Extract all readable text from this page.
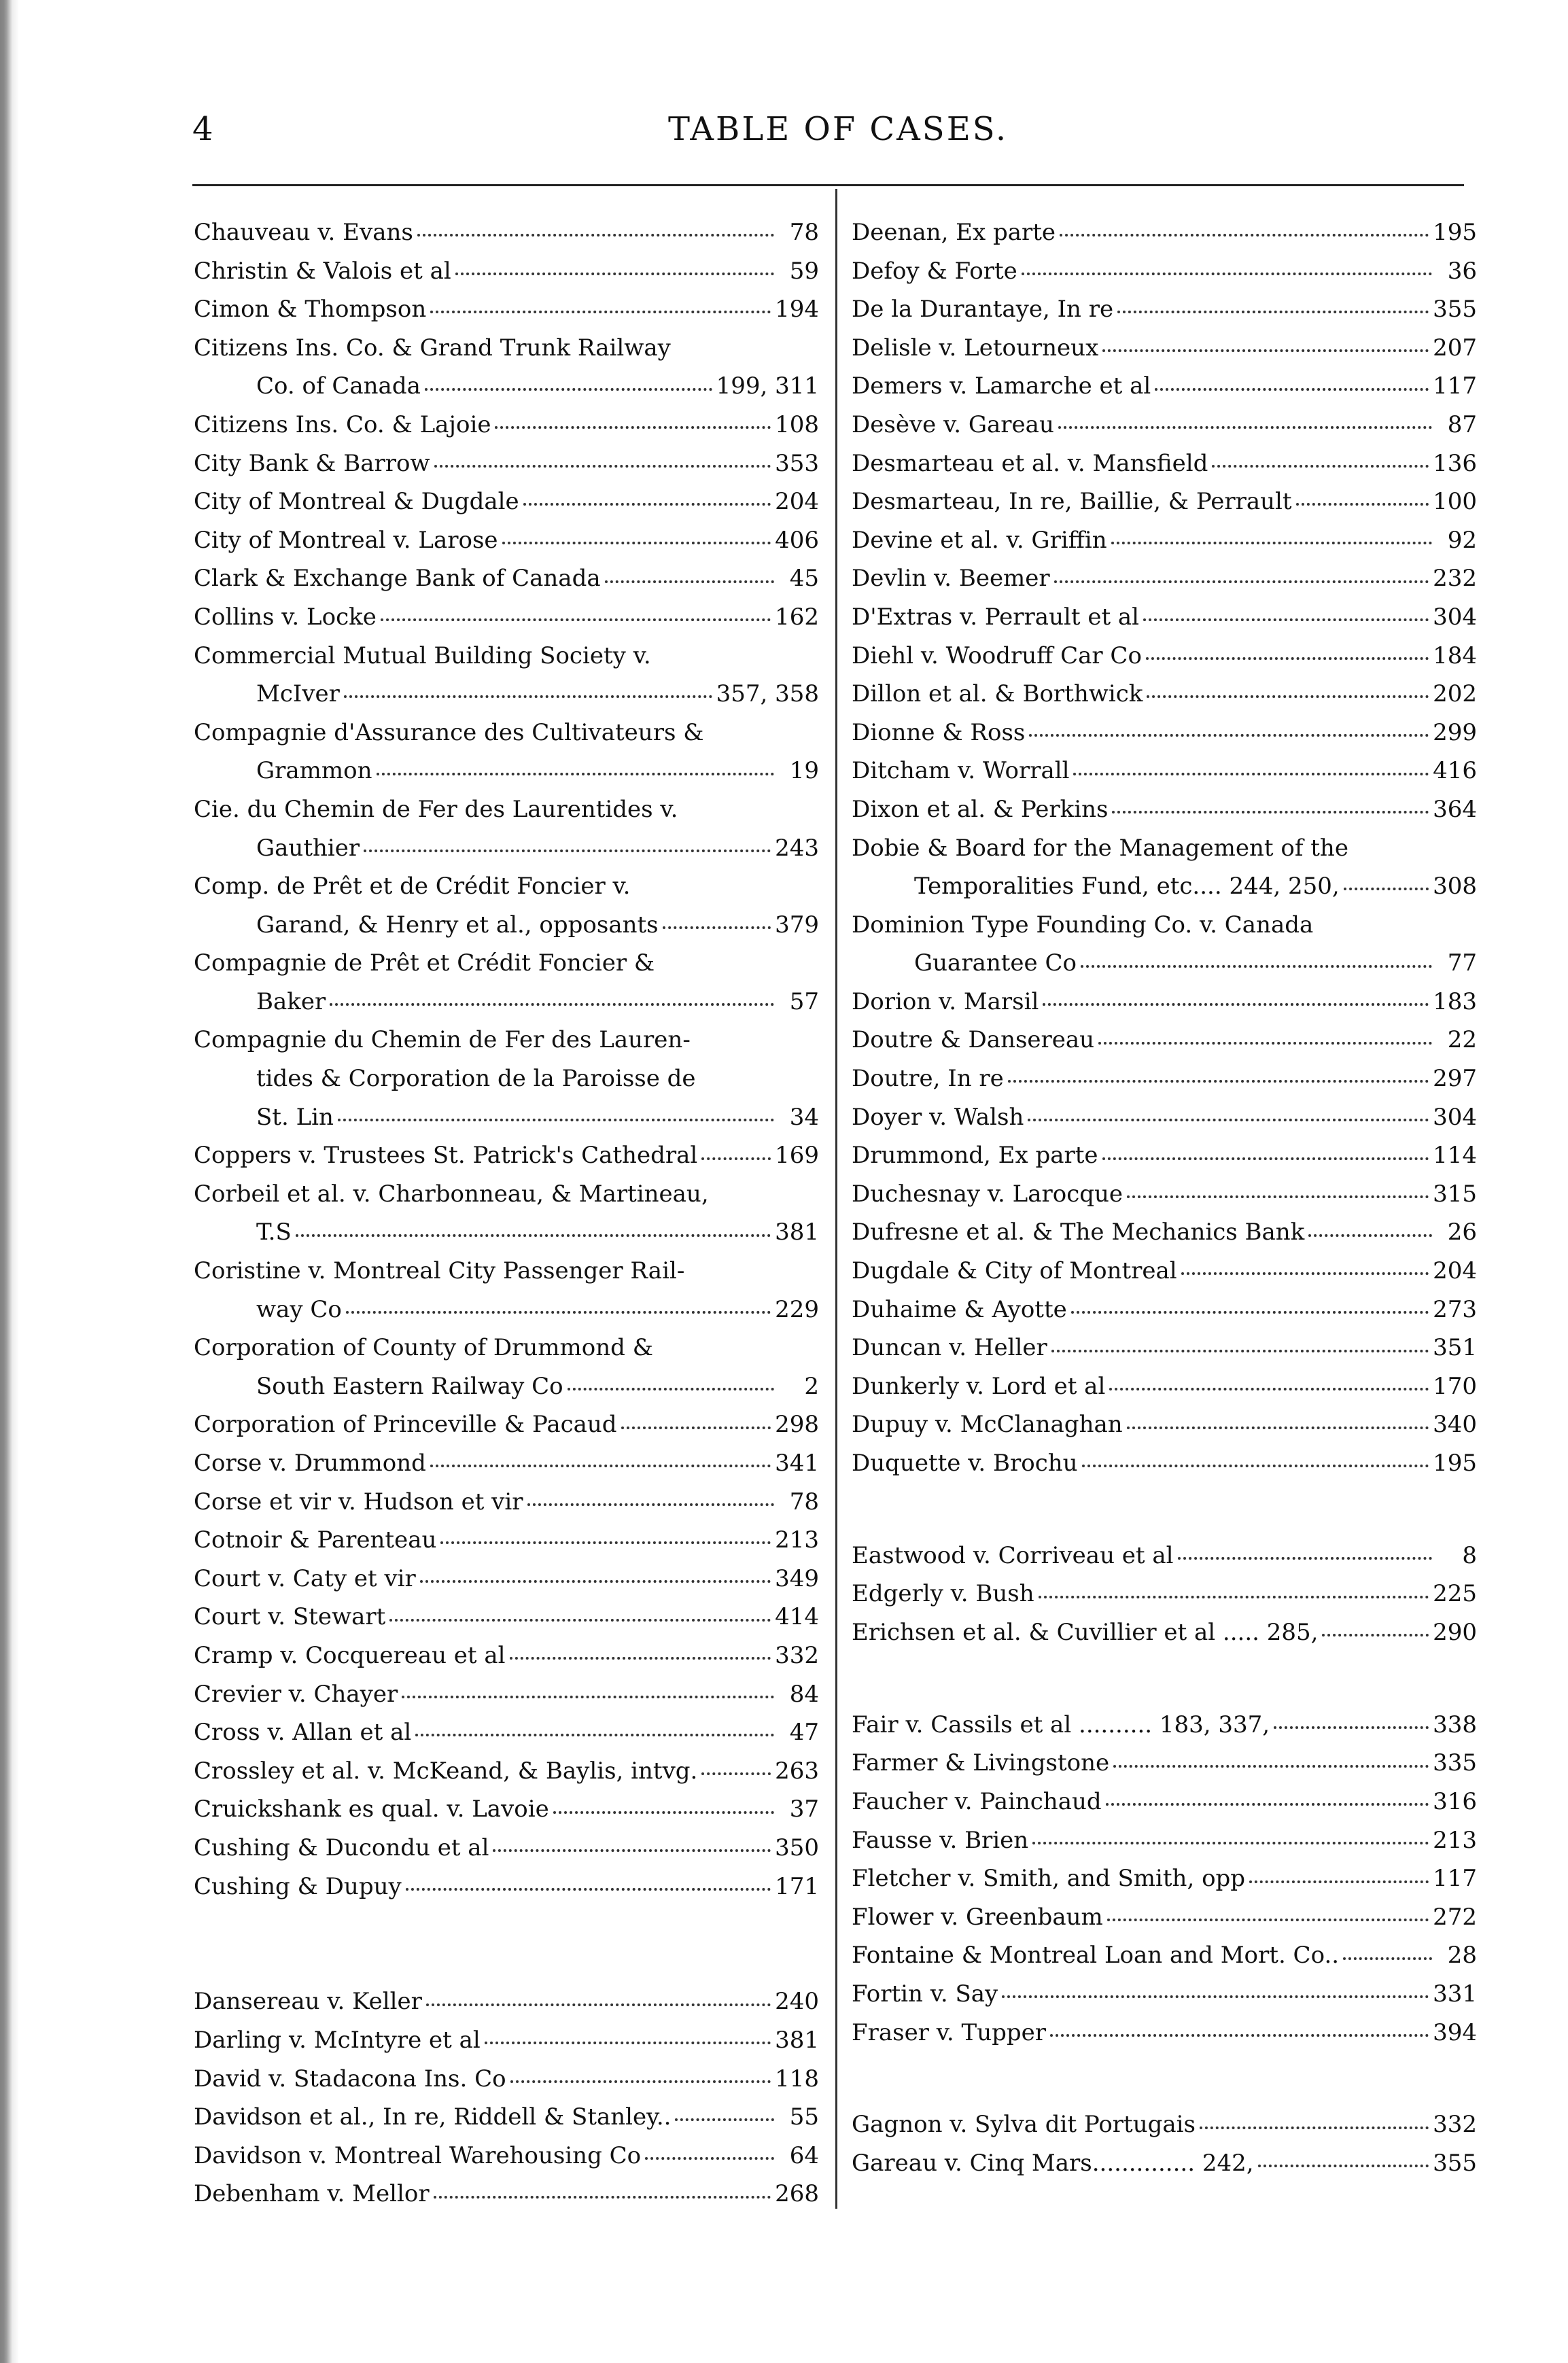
4	TABLE OF CASES.
Chauveau v. Evans	78
Christin & Valois et al	59
Cimon & Thompson	194
Citizens Ins. Co. & Grand Trunk Railway
Co. of Canada	199, 311
Citizens Ins. Co. & Lajoie	108
City Bank & Barrow	353
City of Montreal & Dugdale	204
City of Montreal v. Larose	406
Clark & Exchange Bank of Canada	45
Collins v. Locke	162
Commercial Mutual Building Society v.
McIver	357, 358
Compagnie d'Assurance des Cultivateurs &
Grammon	19
Cie. du Chemin de Fer des Laurentides v.
Gauthier	243
Comp. de Prêt et de Crédit Foncier v.
Garand, & Henry et al., opposants	379
Compagnie de Prêt et Crédit Foncier &
Baker	57
Compagnie du Chemin de Fer des Lauren-
tides & Corporation de la Paroisse de
St. Lin	34
Coppers v. Trustees St. Patrick's Cathedral	169
Corbeil et al. v. Charbonneau, & Martineau,
T.S	381
Coristine v. Montreal City Passenger Rail-
way Co	229
Corporation of County of Drummond &
South Eastern Railway Co	2
Corporation of Princeville & Pacaud	298
Corse v. Drummond	341
Corse et vir v. Hudson et vir	78
Cotnoir & Parenteau	213
Court v. Caty et vir	349
Court v. Stewart	414
Cramp v. Cocquereau et al	332
Crevier v. Chayer	84
Cross v. Allan et al	47
Crossley et al. v. McKeand, & Baylis, intvg.	263
Cruickshank es qual. v. Lavoie	37
Cushing & Ducondu et al	350
Cushing & Dupuy	171
Dansereau v. Keller	240
Darling v. McIntyre et al	381
David v. Stadacona Ins. Co	118
Davidson et al., In re, Riddell & Stanley..	55
Davidson v. Montreal Warehousing Co	64
Debenham v. Mellor	268
Deenan, Ex parte	195
Defoy & Forte	36
De la Durantaye, In re	355
Delisle v. Letourneux	207
Demers v. Lamarche et al	117
Desève v. Gareau	87
Desmarteau et al. v. Mansfield	136
Desmarteau, In re, Baillie, & Perrault	100
Devine et al. v. Griffin	92
Devlin v. Beemer	232
D'Extras v. Perrault et al	304
Diehl v. Woodruff Car Co	184
Dillon et al. & Borthwick	202
Dionne & Ross	299
Ditcham v. Worrall	416
Dixon et al. & Perkins	364
Dobie & Board for the Management of the
Temporalities Fund, etc.... 244, 250,	308
Dominion Type Founding Co. v. Canada
Guarantee Co	77
Dorion v. Marsil	183
Doutre & Dansereau	22
Doutre, In re	297
Doyer v. Walsh	304
Drummond, Ex parte	114
Duchesnay v. Larocque	315
Dufresne et al. & The Mechanics Bank	26
Dugdale & City of Montreal	204
Duhaime & Ayotte	273
Duncan v. Heller	351
Dunkerly v. Lord et al	170
Dupuy v. McClanaghan	340
Duquette v. Brochu	195
Eastwood v. Corriveau et al	8
Edgerly v. Bush	225
Erichsen et al. & Cuvillier et al ..... 285,	290
Fair v. Cassils et al .......... 183, 337,	338
Farmer & Livingstone	335
Faucher v. Painchaud	316
Fausse v. Brien	213
Fletcher v. Smith, and Smith, opp	117
Flower v. Greenbaum	272
Fontaine & Montreal Loan and Mort. Co..	28
Fortin v. Say	331
Fraser v. Tupper	394
Gagnon v. Sylva dit Portugais	332
Gareau v. Cinq Mars.............. 242,	355
